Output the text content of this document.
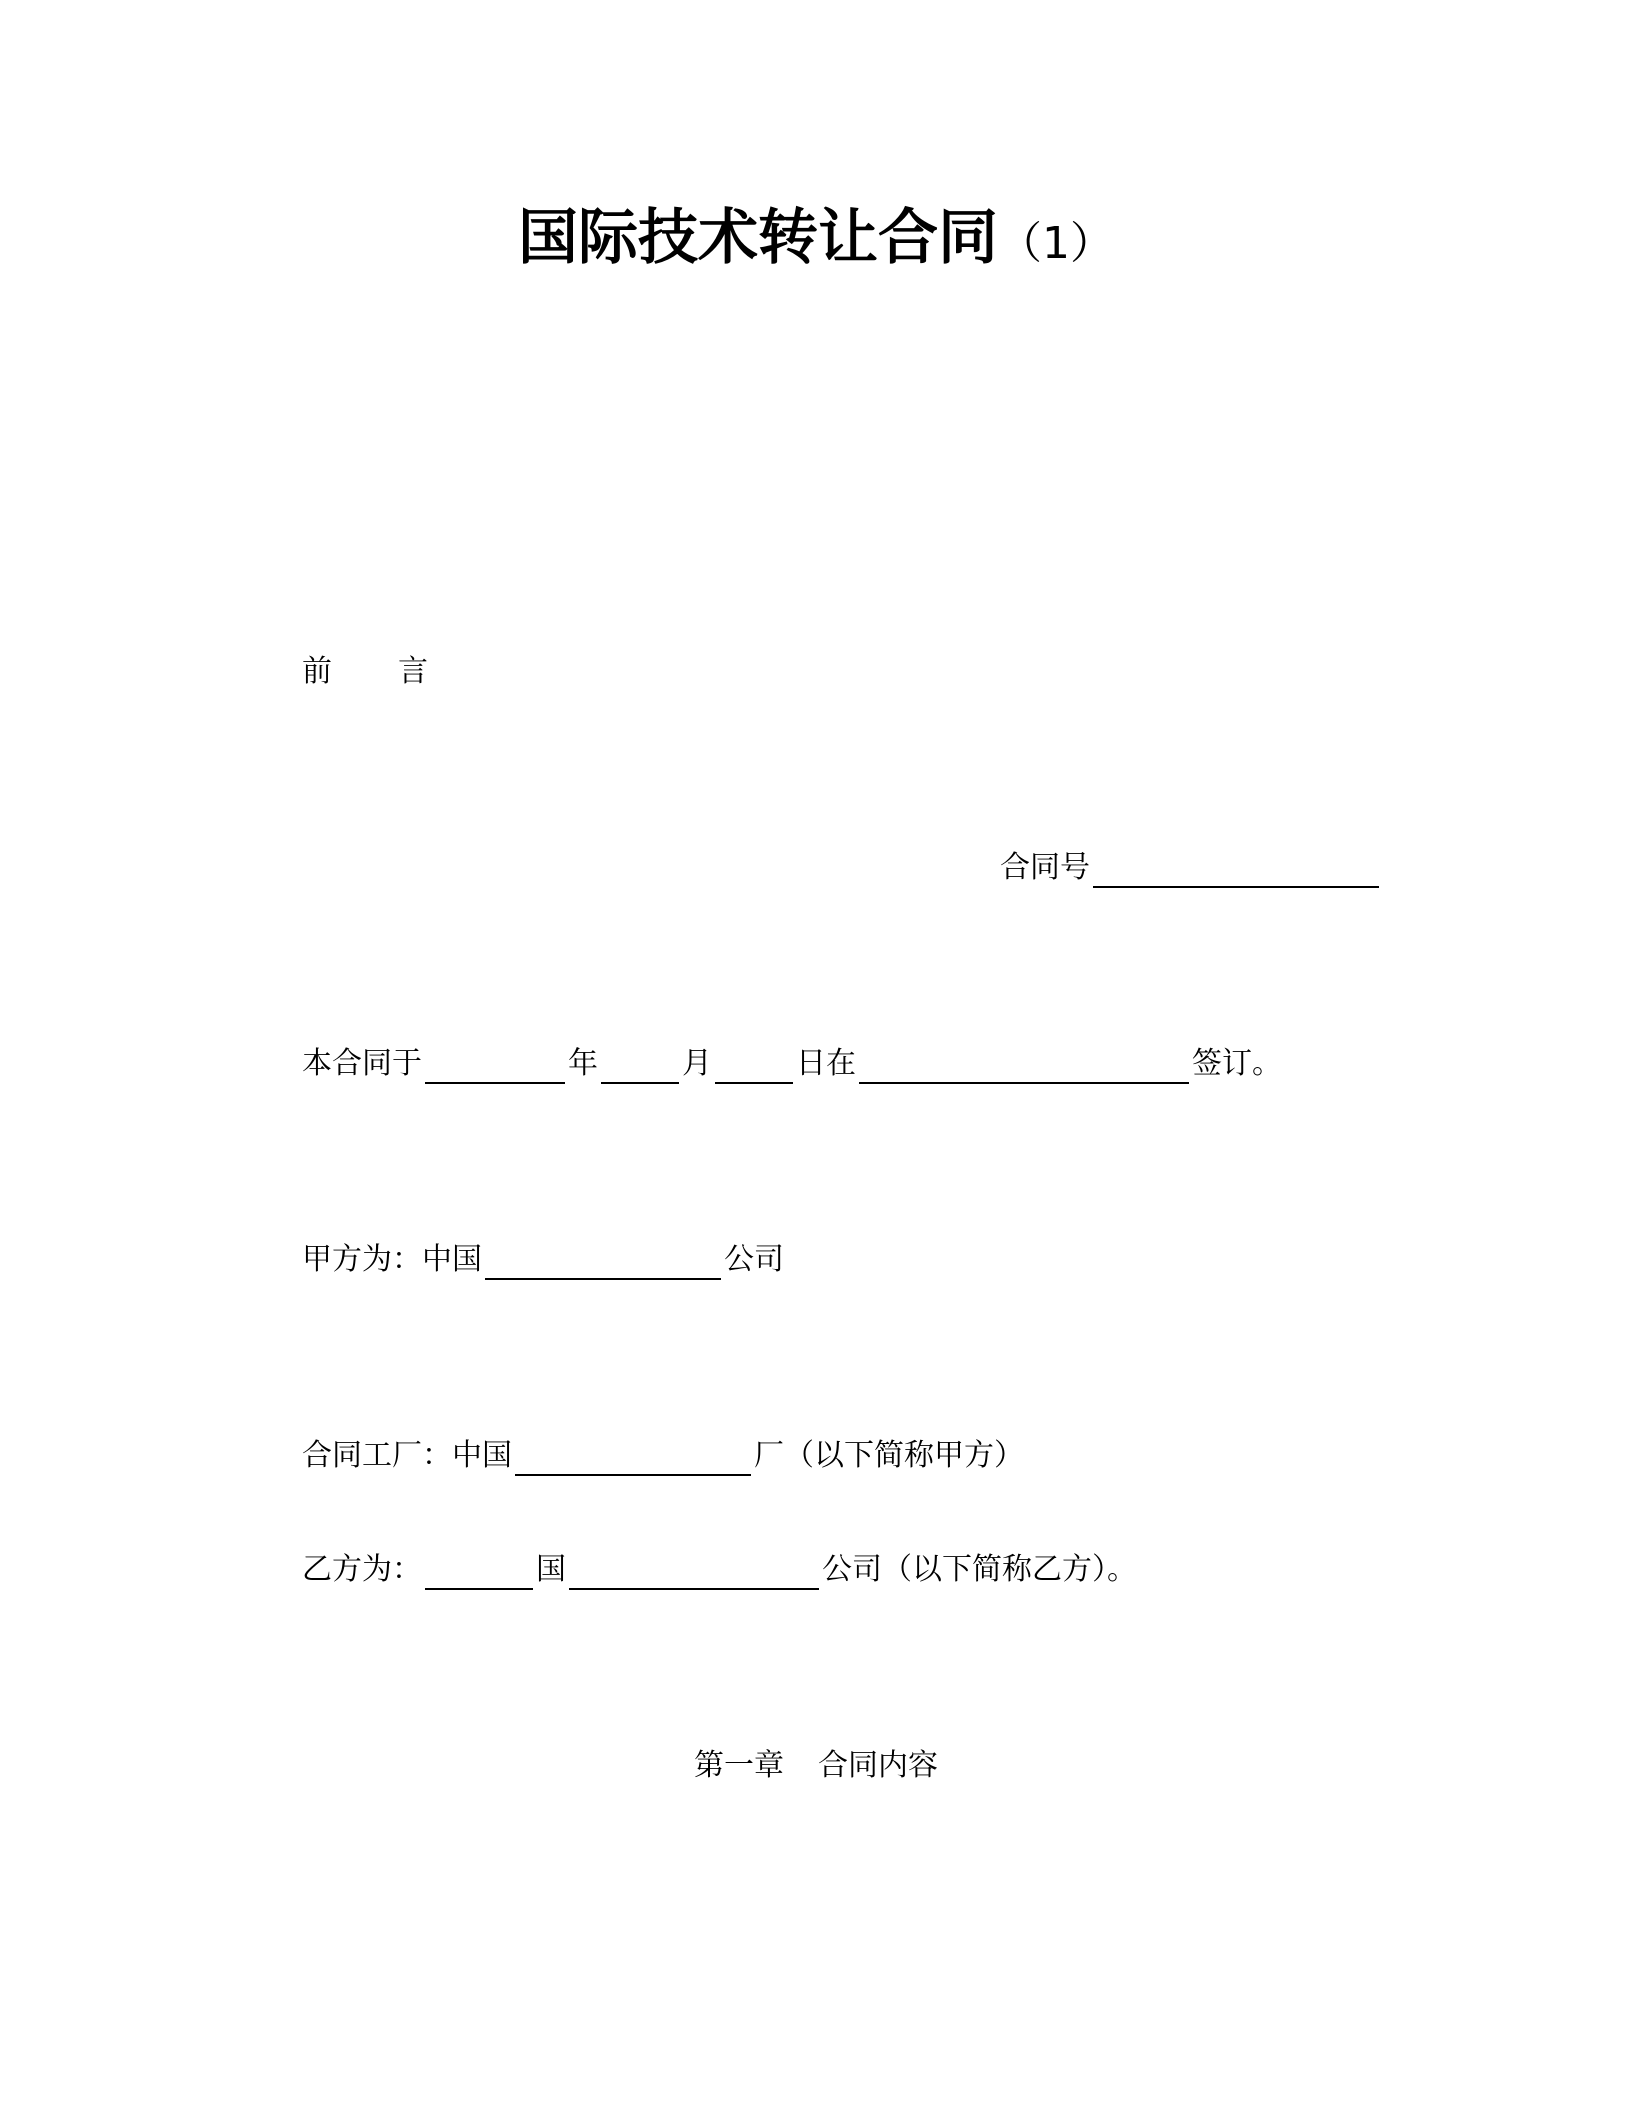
国际技术转让合同（1）
前 言
合同号
本合同于	年	月	日在	签订。
甲方为：中国	公司
合同工厂：中国	厂（以下简称甲方）
乙方为：	国	公司（以下简称乙方）。
第一章 合同内容
